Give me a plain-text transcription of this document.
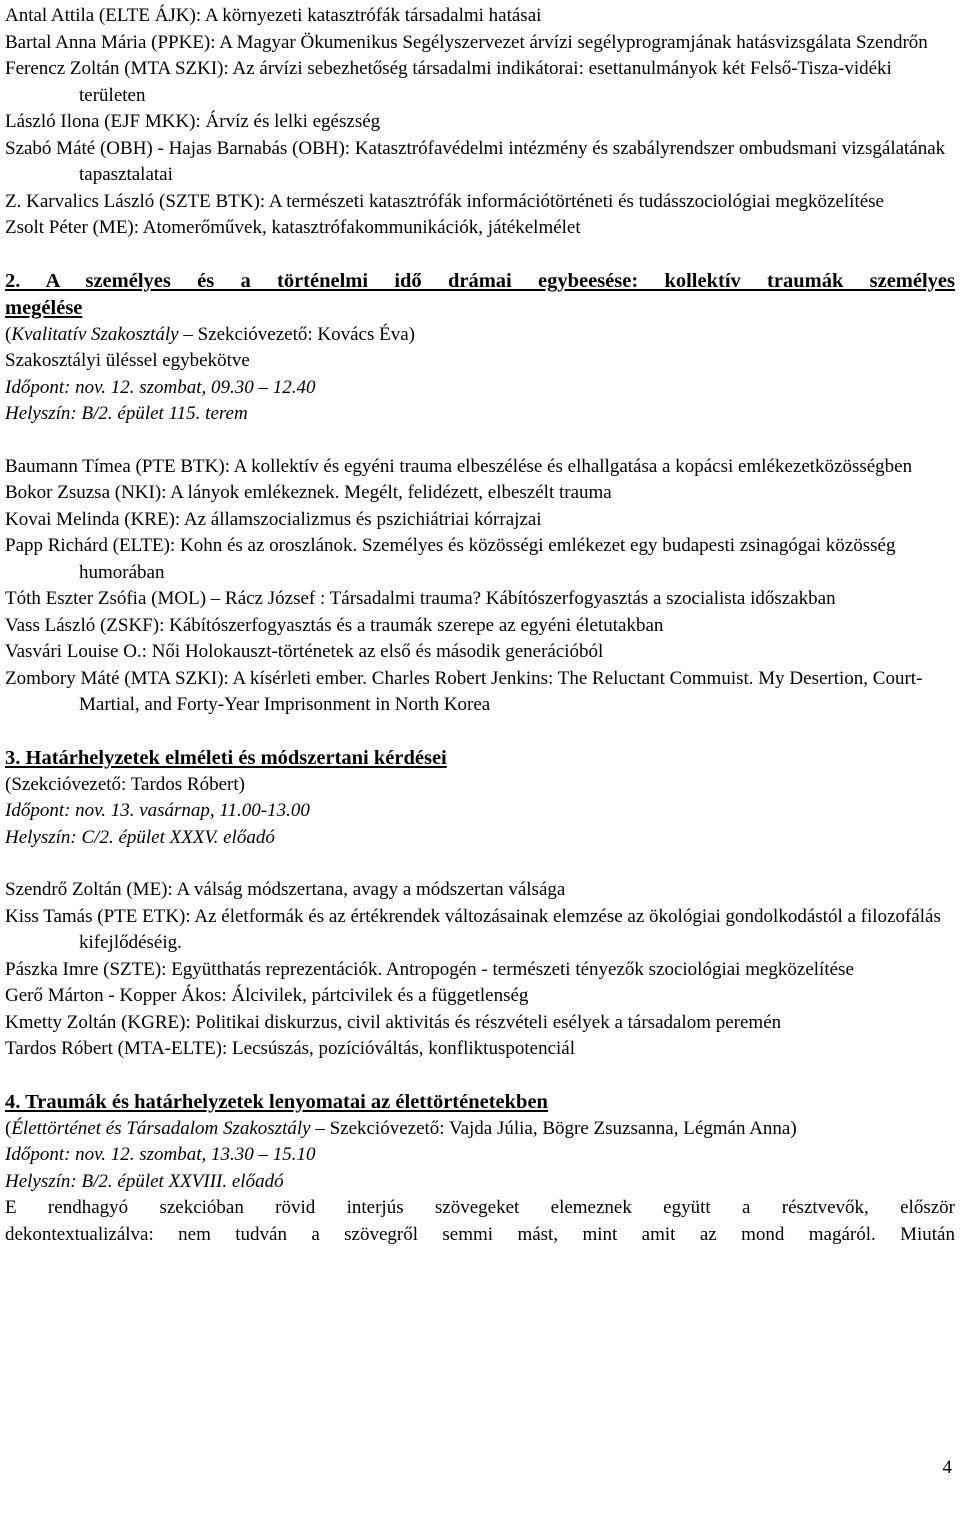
Antal Attila (ELTE ÁJK): A környezeti katasztrófák társadalmi hatásai
Bartal Anna Mária (PPKE): A Magyar Ökumenikus Segélyszervezet árvízi segélyprogramjának hatásvizsgálata Szendrőn
Ferencz Zoltán (MTA SZKI): Az árvízi sebezhetőség társadalmi indikátorai: esettanulmányok két Felső-Tisza-vidéki területen
László Ilona (EJF MKK): Árvíz és lelki egészség
Szabó Máté (OBH) - Hajas Barnabás (OBH): Katasztrófavédelmi intézmény és szabályrendszer ombudsmani vizsgálatának tapasztalatai
Z. Karvalics László (SZTE BTK): A természeti katasztrófák információtörténeti és tudásszociológiai megközelítése
Zsolt Péter (ME): Atomerőművek, katasztrófakommunikációk, játékelmélet
2. A személyes és a történelmi idő drámai egybeesése: kollektív traumák személyes
megélése
(Kvalitatív Szakosztály – Szekcióvezető: Kovács Éva)
Szakosztályi üléssel egybekötve
Időpont: nov. 12. szombat, 09.30 – 12.40
Helyszín: B/2. épület 115. terem
Baumann Tímea (PTE BTK): A kollektív és egyéni trauma elbeszélése és elhallgatása a kopácsi emlékezetközösségben
Bokor Zsuzsa (NKI): A lányok emlékeznek. Megélt, felidézett, elbeszélt trauma
Kovai Melinda (KRE): Az államszocializmus és pszichiátriai kórrajzai
Papp Richárd (ELTE): Kohn és az oroszlánok. Személyes és közösségi emlékezet egy budapesti zsinagógai közösség humorában
Tóth Eszter Zsófia (MOL) – Rácz József : Társadalmi trauma? Kábítószerfogyasztás a szocialista időszakban
Vass László (ZSKF): Kábítószerfogyasztás és a traumák szerepe az egyéni életutakban
Vasvári Louise O.: Női Holokauszt-történetek az első és második generációból
Zombory Máté (MTA SZKI): A kísérleti ember. Charles Robert Jenkins: The Reluctant Commuist. My Desertion, Court-Martial, and Forty-Year Imprisonment in North Korea
3. Határhelyzetek elméleti és módszertani kérdései
(Szekcióvezető: Tardos Róbert)
Időpont: nov. 13. vasárnap, 11.00-13.00
Helyszín: C/2. épület XXXV. előadó
Szendrő Zoltán (ME): A válság módszertana, avagy a módszertan válsága
Kiss Tamás (PTE ETK): Az életformák és az értékrendek változásainak elemzése az ökológiai gondolkodástól a filozofálás kifejlődéséig.
Pászka Imre (SZTE): Együtthatás reprezentációk. Antropogén - természeti tényezők szociológiai megközelítése
Gerő Márton - Kopper Ákos: Álcivilek, pártcivilek és a függetlenség
Kmetty Zoltán (KGRE): Politikai diskurzus, civil aktivitás és részvételi esélyek a társadalom peremén
Tardos Róbert (MTA-ELTE): Lecsúszás, pozícióváltás, konfliktuspotenciál
4. Traumák és határhelyzetek lenyomatai az élettörténetekben
(Élettörténet és Társadalom Szakosztály – Szekcióvezető: Vajda Júlia, Bögre Zsuzsanna, Légmán Anna)
Időpont: nov. 12. szombat, 13.30 – 15.10
Helyszín: B/2. épület XXVIII. előadó
E rendhagyó szekcióban rövid interjús szövegeket elemeznek együtt a résztvevők, először
dekontextualizálva: nem tudván a szövegről semmi mást, mint amit az mond magáról. Miután
4
